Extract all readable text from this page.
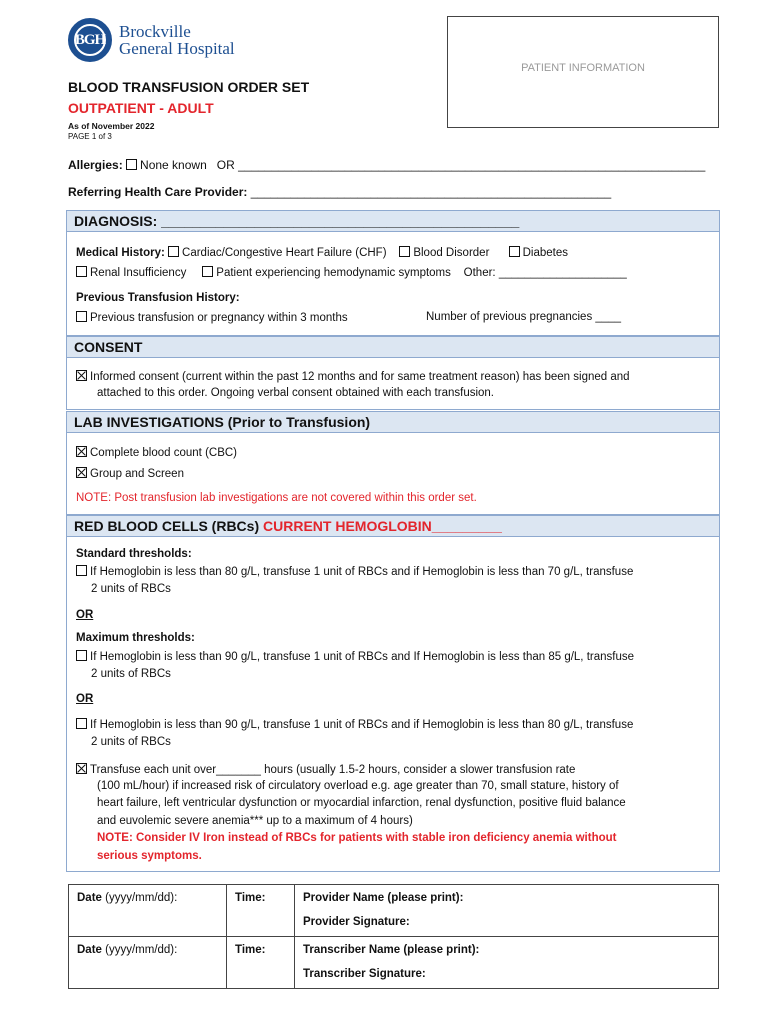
BGH Brockville
General Hospital
PATIENT INFORMATION
BLOOD TRANSFUSION ORDER SET
OUTPATIENT - ADULT
As of November 2022
PAGE 1 of 3
Allergies: None known OR ______________________________________________________________________
Referring Health Care Provider: ______________________________________________________
DIAGNOSIS: ______________________________________________
Medical History: Cardiac/Congestive Heart Failure (CHF) Blood Disorder	Diabetes
Renal Insufficiency	Patient experiencing hemodynamic symptoms Other: ____________________
Previous Transfusion History:
Previous transfusion or pregnancy within 3 months	Number of previous pregnancies ____
CONSENT
Informed consent (current within the past 12 months and for same treatment reason) has been signed and
attached to this order. Ongoing verbal consent obtained with each transfusion.
LAB INVESTIGATIONS (Prior to Transfusion)
Complete blood count (CBC)
Group and Screen
NOTE: Post transfusion lab investigations are not covered within this order set.
RED BLOOD CELLS (RBCs) CURRENT HEMOGLOBIN_________
Standard thresholds:
If Hemoglobin is less than 80 g/L, transfuse 1 unit of RBCs and if Hemoglobin is less than 70 g/L, transfuse
2 units of RBCs
OR
Maximum thresholds:
If Hemoglobin is less than 90 g/L, transfuse 1 unit of RBCs and If Hemoglobin is less than 85 g/L, transfuse
2 units of RBCs
OR
If Hemoglobin is less than 90 g/L, transfuse 1 unit of RBCs and if Hemoglobin is less than 80 g/L, transfuse
2 units of RBCs
Transfuse each unit over_______ hours (usually 1.5-2 hours, consider a slower transfusion rate
(100 mL/hour) if increased risk of circulatory overload e.g. age greater than 70, small stature, history of
heart failure, left ventricular dysfunction or myocardial infarction, renal dysfunction, positive fluid balance
and euvolemic severe anemia*** up to a maximum of 4 hours)
NOTE: Consider IV Iron instead of RBCs for patients with stable iron deficiency anemia without
serious symptoms.
Date (yyyy/mm/dd):	Time:	Provider Name (please print):
Provider Signature:

Date (yyyy/mm/dd):	Time:	Transcriber Name (please print):
Transcriber Signature:
